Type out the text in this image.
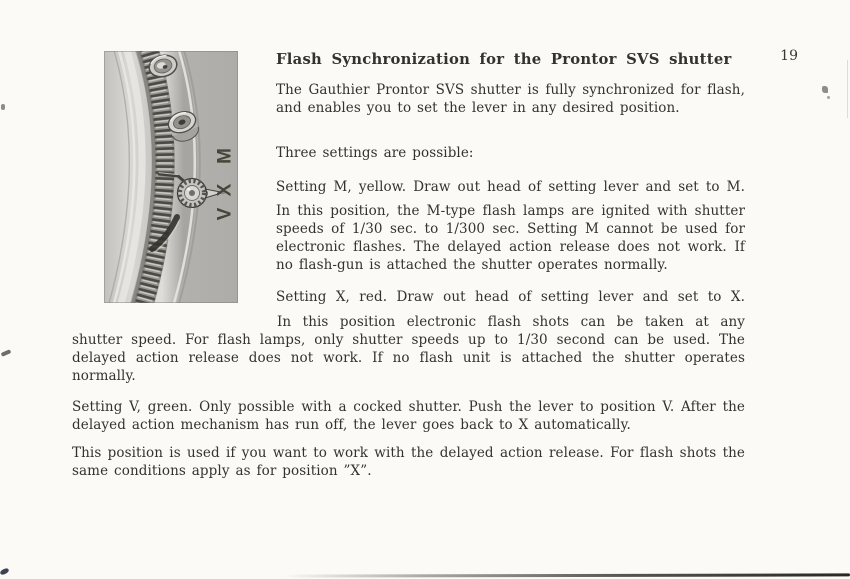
19
M
X
V
Flash Synchronization for the Prontor SVS shutter

The Gauthier Prontor SVS shutter is fully synchronized for flash, and enables you to set the lever in any desired position.

Three settings are possible:

Setting M, yellow. Draw out head of setting lever and set to M.

In this position, the M-type flash lamps are ignited with shutter speeds of 1/30 sec. to 1/300 sec. Setting M cannot be used for electronic flashes. The delayed action release does not work. If no flash-gun is attached the shutter operates normally.

Setting X, red. Draw out head of setting lever and set to X.

In this position electronic flash shots can be taken at any shutter speed. For flash lamps, only shutter speeds up to 1/30 second can be used. The delayed action release does not work. If no flash unit is attached the shutter operates normally.

Setting V, green. Only possible with a cocked shutter. Push the lever to position V. After the delayed action mechanism has run off, the lever goes back to X automatically.

This position is used if you want to work with the delayed action release. For flash shots the same conditions apply as for position ”X”.
